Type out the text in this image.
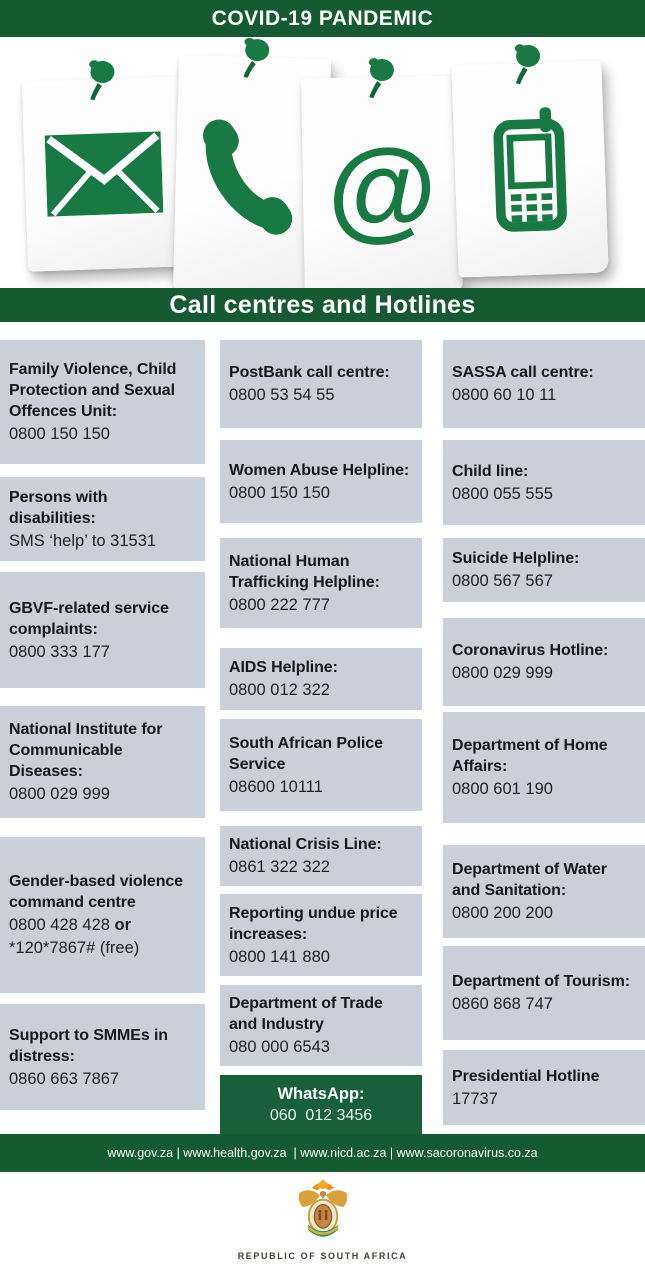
COVID-19 PANDEMIC
@
Call centres and Hotlines
Family Violence, Child Protection and Sexual Offences Unit:
0800 150 150
Persons with disabilities:
SMS ‘help’ to 31531
GBVF-related service complaints:
0800 333 177
National Institute for Communicable Diseases:
0800 029 999
Gender-based violence command centre
0800 428 428 or
*120*7867# (free)
Support to SMMEs in distress:
0860 663 7867
PostBank call centre:
0800 53 54 55
Women Abuse Helpline:
0800 150 150
National Human Trafficking Helpline:
0800 222 777
AIDS Helpline:
0800 012 322
South African Police Service
08600 10111
National Crisis Line:
0861 322 322
Reporting undue price increases:
0800 141 880
Department of Trade and Industry
080 000 6543
WhatsApp:
060  012 3456
SASSA call centre:
0800 60 10 11
Child line:
0800 055 555
Suicide Helpline:
0800 567 567
Coronavirus Hotline:
0800 029 999
Department of Home Affairs:
0800 601 190
Department of Water and Sanitation:
0800 200 200
Department of Tourism:
0860 868 747
Presidential Hotline
17737
www.gov.za | www.health.gov.za  | www.nicd.ac.za | www.sacoronavirus.co.za
REPUBLIC OF SOUTH AFRICA
